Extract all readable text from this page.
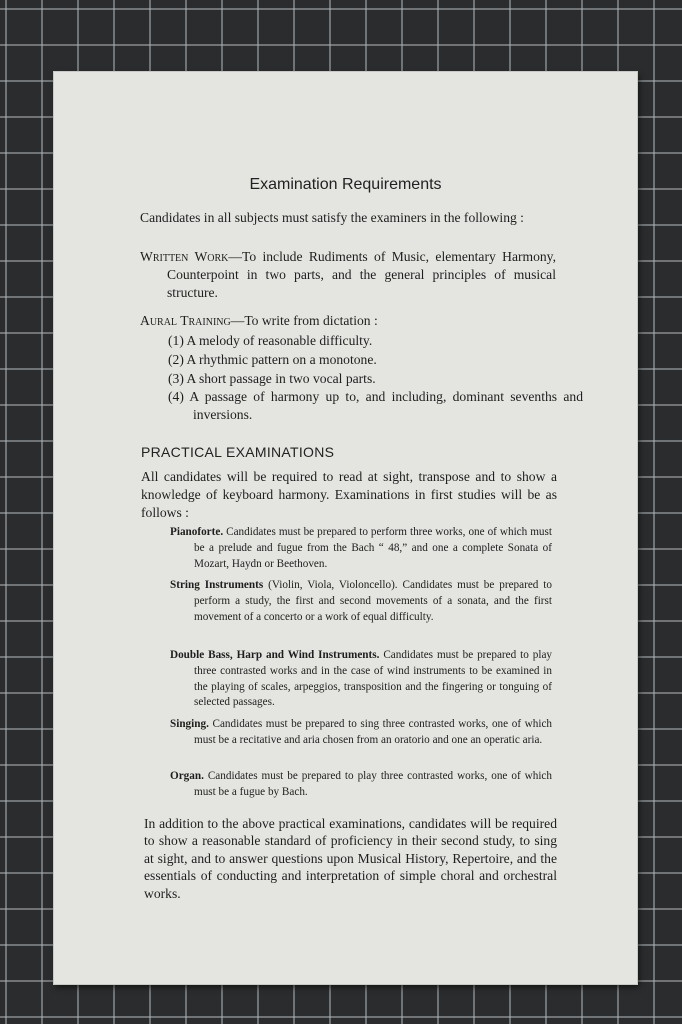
Examination Requirements
Candidates in all subjects must satisfy the examiners in the following :
Written Work—To include Rudiments of Music, elementary Harmony, Counterpoint in two parts, and the general principles of musical structure.
Aural Training—To write from dictation :
(1) A melody of reasonable difficulty.
(2) A rhythmic pattern on a monotone.
(3) A short passage in two vocal parts.
(4) A passage of harmony up to, and including, dominant sevenths and inversions.
PRACTICAL EXAMINATIONS
All candidates will be required to read at sight, transpose and to show a knowledge of keyboard harmony. Examinations in first studies will be as follows :
Pianoforte. Candidates must be prepared to perform three works, one of which must be a prelude and fugue from the Bach “ 48,” and one a complete Sonata of Mozart, Haydn or Beethoven.
String Instruments (Violin, Viola, Violoncello). Candidates must be prepared to perform a study, the first and second movements of a sonata, and the first movement of a concerto or a work of equal difficulty.
Double Bass, Harp and Wind Instruments. Candidates must be prepared to play three contrasted works and in the case of wind instruments to be examined in the playing of scales, arpeggios, transposition and the fingering or tonguing of selected passages.
Singing. Candidates must be prepared to sing three contrasted works, one of which must be a recitative and aria chosen from an oratorio and one an operatic aria.
Organ. Candidates must be prepared to play three contrasted works, one of which must be a fugue by Bach.
In addition to the above practical examinations, candidates will be required to show a reasonable standard of proficiency in their second study, to sing at sight, and to answer questions upon Musical History, Repertoire, and the essentials of conducting and interpretation of simple choral and orchestral works.
